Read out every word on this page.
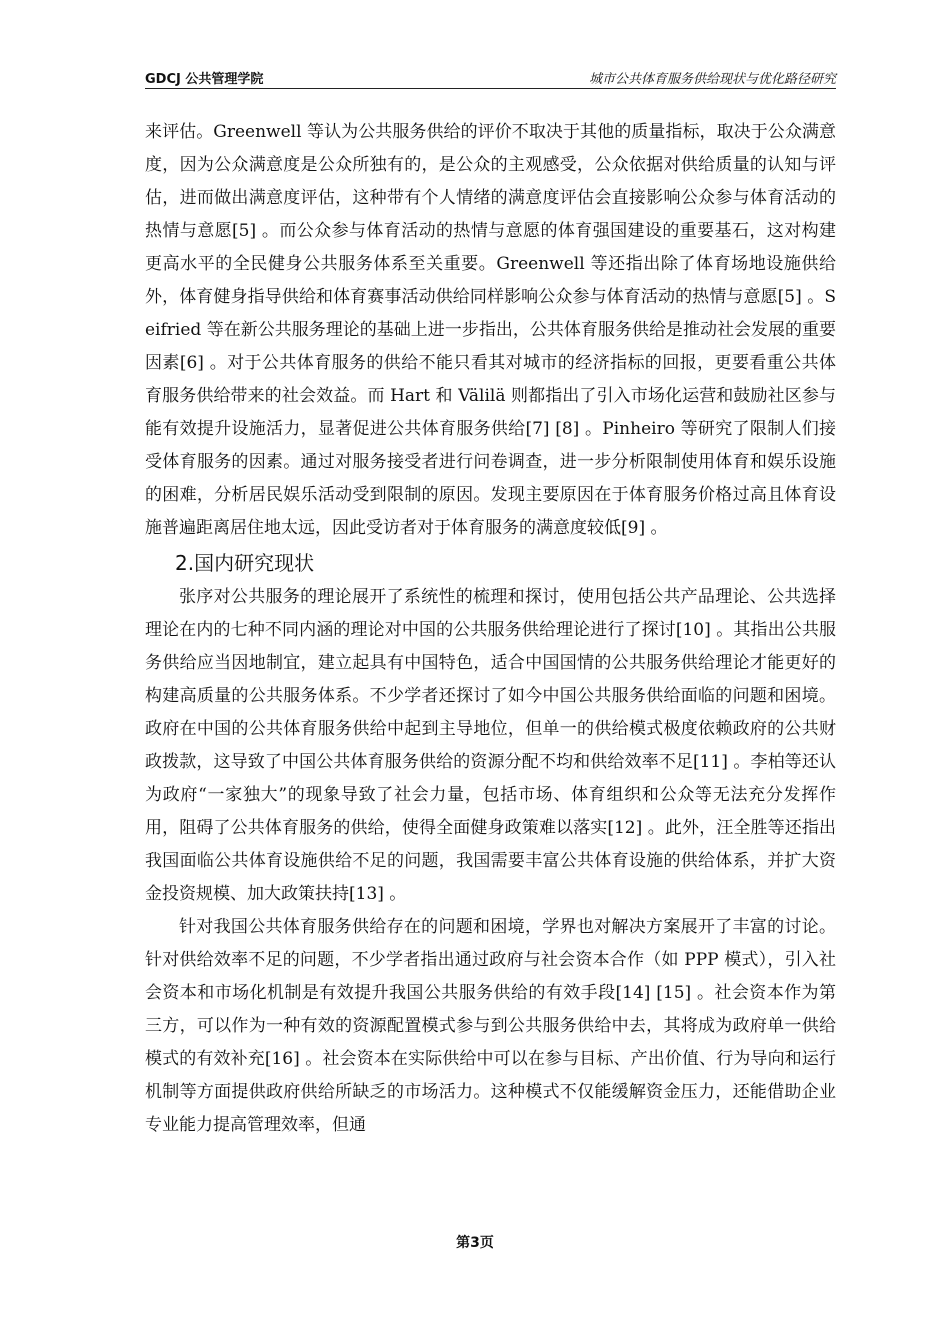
GDCJ 公共管理学院	城市公共体育服务供给现状与优化路径研究

来评估。Greenwell 等认为公共服务供给的评价不取决于其他的质量指标，取决于公众满意度，因为公众满意度是公众所独有的，是公众的主观感受，公众依据对供给质量的认知与评估，进而做出满意度评估，这种带有个人情绪的满意度评估会直接影响公众参与体育活动的热情与意愿[5] 。而公众参与体育活动的热情与意愿的体育强国建设的重要基石，这对构建更高水平的全民健身公共服务体系至关重要。Greenwell 等还指出除了体育场地设施供给外，体育健身指导供给和体育赛事活动供给同样影响公众参与体育活动的热情与意愿[5] 。Seifried 等在新公共服务理论的基础上进一步指出，公共体育服务供给是推动社会发展的重要因素[6] 。对于公共体育服务的供给不能只看其对城市的经济指标的回报，更要看重公共体育服务供给带来的社会效益。而 Hart 和 Välilä 则都指出了引入市场化运营和鼓励社区参与能有效提升设施活力，显著促进公共体育服务供给[7] [8] 。Pinheiro 等研究了限制人们接受体育服务的因素。通过对服务接受者进行问卷调查，进一步分析限制使用体育和娱乐设施的困难，分析居民娱乐活动受到限制的原因。发现主要原因在于体育服务价格过高且体育设施普遍距离居住地太远，因此受访者对于体育服务的满意度较低[9] 。

2.国内研究现状

张序对公共服务的理论展开了系统性的梳理和探讨，使用包括公共产品理论、公共选择理论在内的七种不同内涵的理论对中国的公共服务供给理论进行了探讨[10] 。其指出公共服务供给应当因地制宜，建立起具有中国特色，适合中国国情的公共服务供给理论才能更好的构建高质量的公共服务体系。不少学者还探讨了如今中国公共服务供给面临的问题和困境。政府在中国的公共体育服务供给中起到主导地位，但单一的供给模式极度依赖政府的公共财政拨款，这导致了中国公共体育服务供给的资源分配不均和供给效率不足[11] 。李柏等还认为政府“一家独大”的现象导致了社会力量，包括市场、体育组织和公众等无法充分发挥作用，阻碍了公共体育服务的供给，使得全面健身政策难以落实[12] 。此外，汪全胜等还指出我国面临公共体育设施供给不足的问题，我国需要丰富公共体育设施的供给体系，并扩大资金投资规模、加大政策扶持[13] 。

针对我国公共体育服务供给存在的问题和困境，学界也对解决方案展开了丰富的讨论。针对供给效率不足的问题，不少学者指出通过政府与社会资本合作（如 PPP 模式），引入社会资本和市场化机制是有效提升我国公共服务供给的有效手段[14] [15] 。社会资本作为第三方，可以作为一种有效的资源配置模式参与到公共服务供给中去，其将成为政府单一供给模式的有效补充[16] 。社会资本在实际供给中可以在参与目标、产出价值、行为导向和运行机制等方面提供政府供给所缺乏的市场活力。这种模式不仅能缓解资金压力，还能借助企业专业能力提高管理效率，但通

第3页
